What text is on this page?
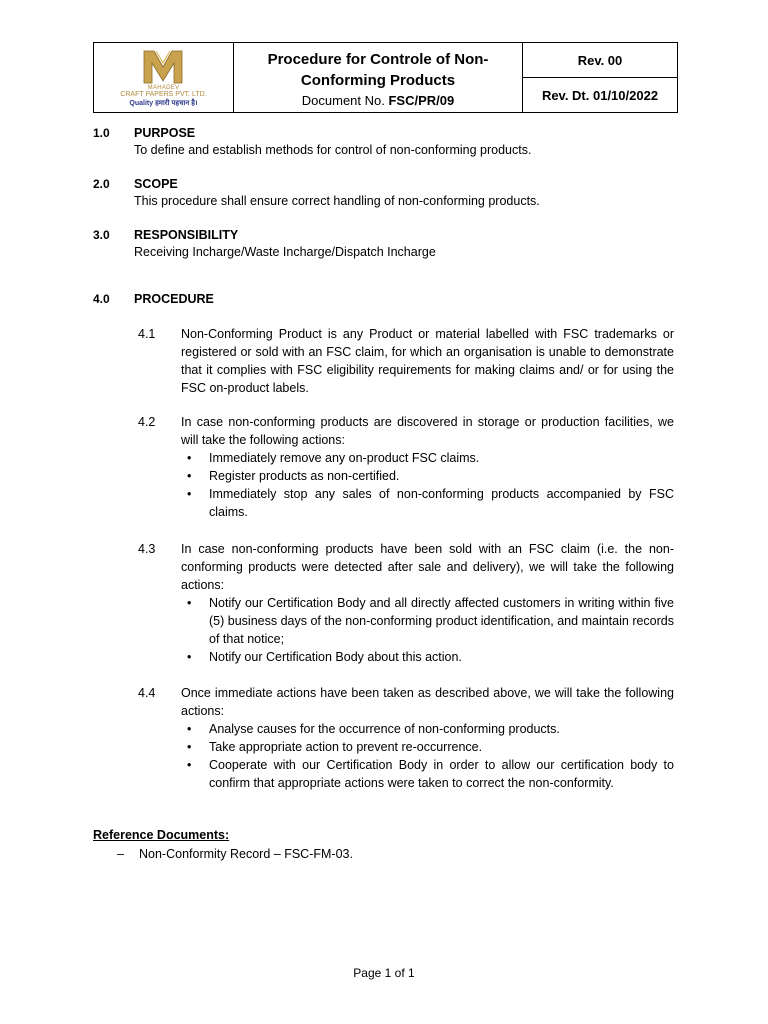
MAHADEV
CRAFT PAPERS PVT. LTD.
Quality हमारी पहचान है।

Procedure for Controle of Non-Conforming Products
Document No. FSC/PR/09
	Rev. 00
Rev. Dt. 01/10/2022
1.0 PURPOSE
To define and establish methods for control of non-conforming products.
2.0 SCOPE
This procedure shall ensure correct handling of non-conforming products.
3.0 RESPONSIBILITY
Receiving Incharge/Waste Incharge/Dispatch Incharge
4.0 PROCEDURE
4.1 Non-Conforming Product is any Product or material labelled with FSC trademarks or registered or sold with an FSC claim, for which an organisation is unable to demonstrate that it complies with FSC eligibility requirements for making claims and/ or for using the FSC on-product labels.
4.2 In case non-conforming products are discovered in storage or production facilities, we will take the following actions:
• Immediately remove any on-product FSC claims.
• Register products as non-certified.
• Immediately stop any sales of non-conforming products accompanied by FSC claims.
4.3 In case non-conforming products have been sold with an FSC claim (i.e. the non-conforming products were detected after sale and delivery), we will take the following actions:
• Notify our Certification Body and all directly affected customers in writing within five (5) business days of the non-conforming product identification, and maintain records of that notice;
• Notify our Certification Body about this action.
4.4 Once immediate actions have been taken as described above, we will take the following actions:
• Analyse causes for the occurrence of non-conforming products.
• Take appropriate action to prevent re-occurrence.
• Cooperate with our Certification Body in order to allow our certification body to confirm that appropriate actions were taken to correct the non-conformity.
Reference Documents:
– Non-Conformity Record – FSC-FM-03.
Page 1 of 1
